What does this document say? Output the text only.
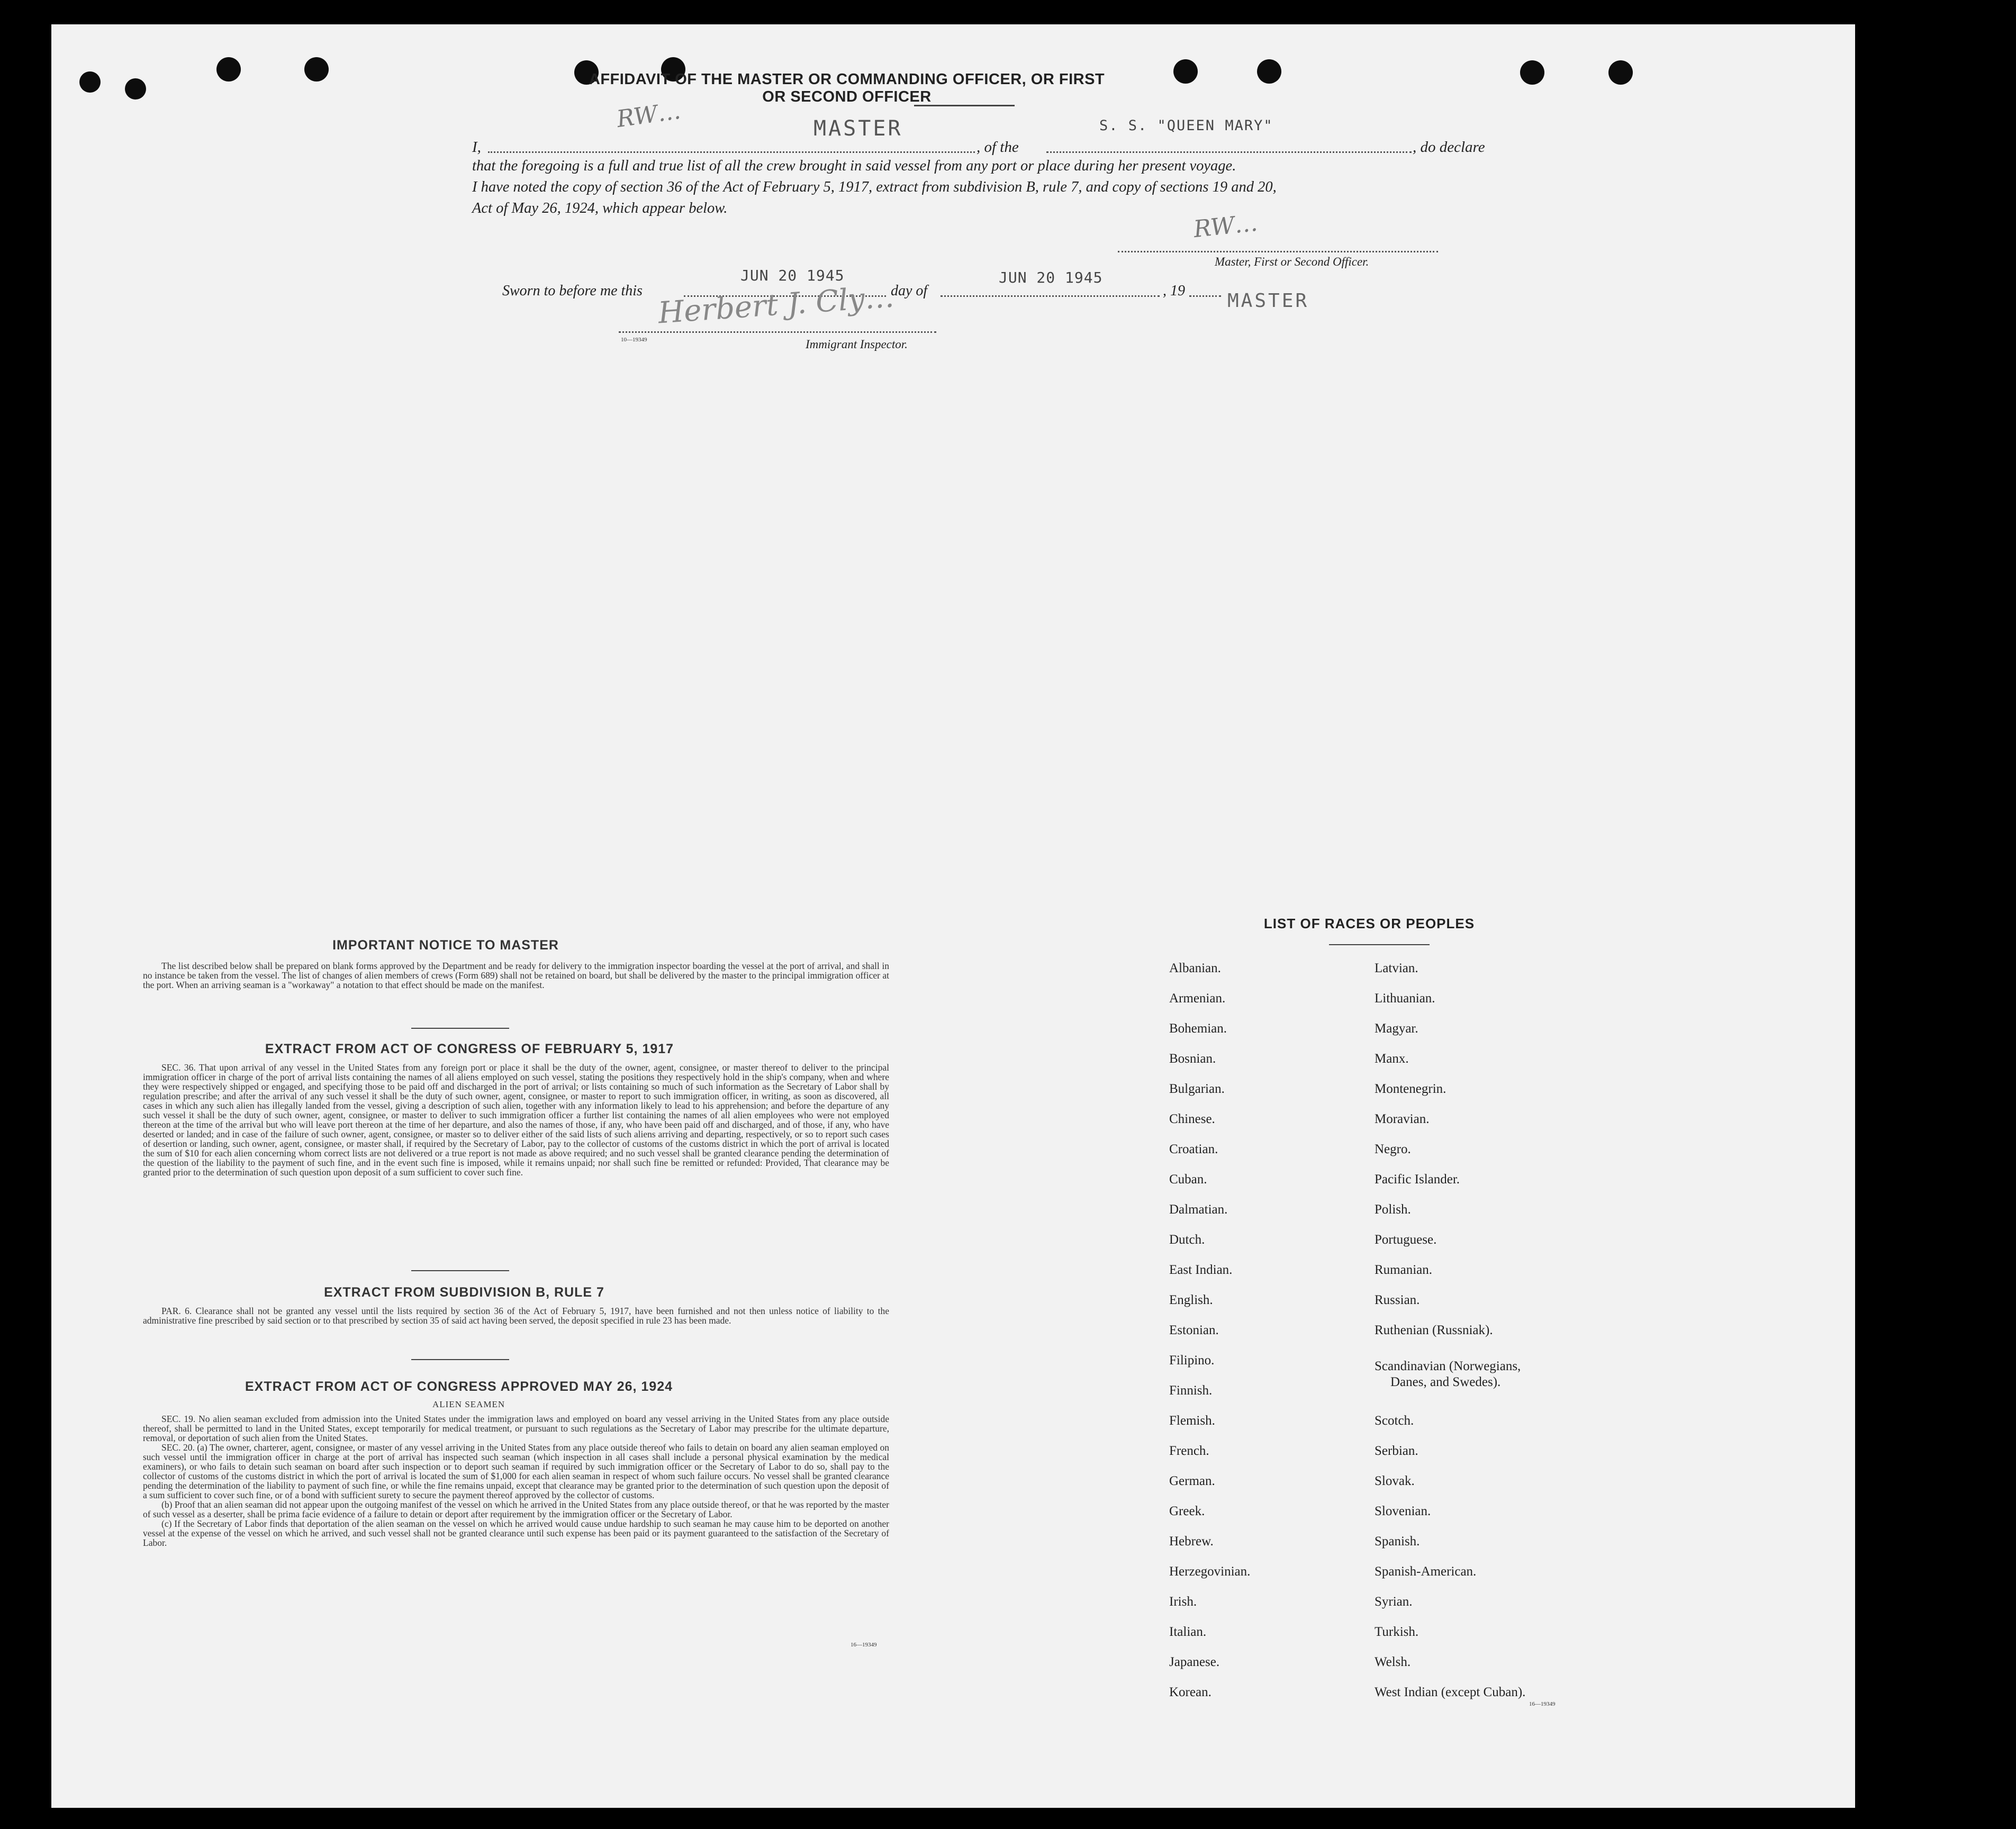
AFFIDAVIT OF THE MASTER OR COMMANDING OFFICER, OR FIRST OR SECOND OFFICER
RW…
I,
MASTER
, of the
S. S. "QUEEN MARY"
, do declare
that the foregoing is a full and true list of all the crew brought in said vessel from any port or place during her present voyage.
I have noted the copy of section 36 of the Act of February 5, 1917, extract from subdivision B, rule 7, and copy of sections 19 and 20,
Act of May 26, 1924, which appear below.
RW…
Master, First or Second Officer.
Sworn to before me this
JUN 20 1945
day of
JUN 20 1945
, 19 MASTER
Herbert J. Cly…
10—19349	Immigrant Inspector.
IMPORTANT NOTICE TO MASTER

The list described below shall be prepared on blank forms approved by the Department and be ready for delivery to the immigration inspector boarding the vessel at the port of arrival, and shall in no instance be taken from the vessel. The list of changes of alien members of crews (Form 689) shall not be retained on board, but shall be delivered by the master to the principal immigration officer at the port. When an arriving seaman is a "workaway" a notation to that effect should be made on the manifest.

EXTRACT FROM ACT OF CONGRESS OF FEBRUARY 5, 1917

SEC. 36. That upon arrival of any vessel in the United States from any foreign port or place it shall be the duty of the owner, agent, consignee, or master thereof to deliver to the principal immigration officer in charge of the port of arrival lists containing the names of all aliens employed on such vessel, stating the positions they respectively hold in the ship's company, when and where they were respectively shipped or engaged, and specifying those to be paid off and discharged in the port of arrival; or lists containing so much of such information as the Secretary of Labor shall by regulation prescribe; and after the arrival of any such vessel it shall be the duty of such owner, agent, consignee, or master to report to such immigration officer, in writing, as soon as discovered, all cases in which any such alien has illegally landed from the vessel, giving a description of such alien, together with any information likely to lead to his apprehension; and before the departure of any such vessel it shall be the duty of such owner, agent, consignee, or master to deliver to such immigration officer a further list containing the names of all alien employees who were not employed thereon at the time of the arrival but who will leave port thereon at the time of her departure, and also the names of those, if any, who have been paid off and discharged, and of those, if any, who have deserted or landed; and in case of the failure of such owner, agent, consignee, or master so to deliver either of the said lists of such aliens arriving and departing, respectively, or so to report such cases of desertion or landing, such owner, agent, consignee, or master shall, if required by the Secretary of Labor, pay to the collector of customs of the customs district in which the port of arrival is located the sum of $10 for each alien concerning whom correct lists are not delivered or a true report is not made as above required; and no such vessel shall be granted clearance pending the determination of the question of the liability to the payment of such fine, and in the event such fine is imposed, while it remains unpaid; nor shall such fine be remitted or refunded: Provided, That clearance may be granted prior to the determination of such question upon deposit of a sum sufficient to cover such fine.

EXTRACT FROM SUBDIVISION B, RULE 7

PAR. 6. Clearance shall not be granted any vessel until the lists required by section 36 of the Act of February 5, 1917, have been furnished and not then unless notice of liability to the administrative fine prescribed by said section or to that prescribed by section 35 of said act having been served, the deposit specified in rule 23 has been made.

EXTRACT FROM ACT OF CONGRESS APPROVED MAY 26, 1924
ALIEN SEAMEN

SEC. 19. No alien seaman excluded from admission into the United States under the immigration laws and employed on board any vessel arriving in the United States from any place outside thereof, shall be permitted to land in the United States, except temporarily for medical treatment, or pursuant to such regulations as the Secretary of Labor may prescribe for the ultimate departure, removal, or deportation of such alien from the United States.

SEC. 20. (a) The owner, charterer, agent, consignee, or master of any vessel arriving in the United States from any place outside thereof who fails to detain on board any alien seaman employed on such vessel until the immigration officer in charge at the port of arrival has inspected such seaman (which inspection in all cases shall include a personal physical examination by the medical examiners), or who fails to detain such seaman on board after such inspection or to deport such seaman if required by such immigration officer or the Secretary of Labor to do so, shall pay to the collector of customs of the customs district in which the port of arrival is located the sum of $1,000 for each alien seaman in respect of whom such failure occurs. No vessel shall be granted clearance pending the determination of the liability to payment of such fine, or while the fine remains unpaid, except that clearance may be granted prior to the determination of such question upon the deposit of a sum sufficient to cover such fine, or of a bond with sufficient surety to secure the payment thereof approved by the collector of customs.

(b) Proof that an alien seaman did not appear upon the outgoing manifest of the vessel on which he arrived in the United States from any place outside thereof, or that he was reported by the master of such vessel as a deserter, shall be prima facie evidence of a failure to detain or deport after requirement by the immigration officer or the Secretary of Labor.

(c) If the Secretary of Labor finds that deportation of the alien seaman on the vessel on which he arrived would cause undue hardship to such seaman he may cause him to be deported on another vessel at the expense of the vessel on which he arrived, and such vessel shall not be granted clearance until such expense has been paid or its payment guaranteed to the satisfaction of the Secretary of Labor.

16—19349
LIST OF RACES OR PEOPLES
Albanian.
Armenian.
Bohemian.
Bosnian.
Bulgarian.
Chinese.
Croatian.
Cuban.
Dalmatian.
Dutch.
East Indian.
English.
Estonian.
Filipino.
Finnish.
Flemish.
French.
German.
Greek.
Hebrew.
Herzegovinian.
Irish.
Italian.
Japanese.
Korean.
Latvian.
Lithuanian.
Magyar.
Manx.
Montenegrin.
Moravian.
Negro.
Pacific Islander.
Polish.
Portuguese.
Rumanian.
Russian.
Ruthenian (Russniak).
Scandinavian (Norwegians,
Danes, and Swedes).
Scotch.
Serbian.
Slovak.
Slovenian.
Spanish.
Spanish-American.
Syrian.
Turkish.
Welsh.
West Indian (except Cuban).
16—19349
